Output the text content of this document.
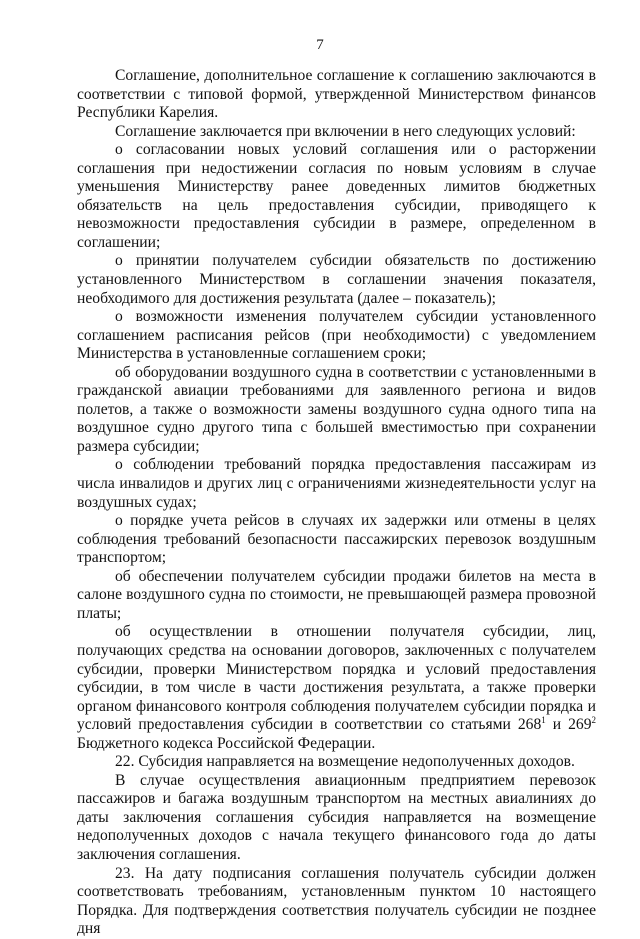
7

Соглашение, дополнительное соглашение к соглашению заключаются в соответствии с типовой формой, утвержденной Министерством финансов Республики Карелия.

Соглашение заключается при включении в него следующих условий:

о согласовании новых условий соглашения или о расторжении соглашения при недостижении согласия по новым условиям в случае уменьшения Министерству ранее доведенных лимитов бюджетных обязательств на цель предоставления субсидии, приводящего к невозможности предоставления субсидии в размере, определенном в соглашении;

о принятии получателем субсидии обязательств по достижению установленного Министерством в соглашении значения показателя, необходимого для достижения результата (далее – показатель);

о возможности изменения получателем субсидии установленного соглашением расписания рейсов (при необходимости) с уведомлением Министерства в установленные соглашением сроки;

об оборудовании воздушного судна в соответствии с установленными в гражданской авиации требованиями для заявленного региона и видов полетов, а также о возможности замены воздушного судна одного типа на воздушное судно другого типа с большей вместимостью при сохранении размера субсидии;

о соблюдении требований порядка предоставления пассажирам из числа инвалидов и других лиц с ограничениями жизнедеятельности услуг на воздушных судах;

о порядке учета рейсов в случаях их задержки или отмены в целях соблюдения требований безопасности пассажирских перевозок воздушным транспортом;

об обеспечении получателем субсидии продажи билетов на места в салоне воздушного судна по стоимости, не превышающей размера провозной платы;

об осуществлении в отношении получателя субсидии, лиц, получающих средства на основании договоров, заключенных с получателем субсидии, проверки Министерством порядка и условий предоставления субсидии, в том числе в части достижения результата, а также проверки органом финансового контроля соблюдения получателем субсидии порядка и условий предоставления субсидии в соответствии со статьями $268^1$ и $269^2$ Бюджетного кодекса Российской Федерации.

22. Субсидия направляется на возмещение недополученных доходов.

В случае осуществления авиационным предприятием перевозок пассажиров и багажа воздушным транспортом на местных авиалиниях до даты заключения соглашения субсидия направляется на возмещение недополученных доходов с начала текущего финансового года до даты заключения соглашения.

23. На дату подписания соглашения получатель субсидии должен соответствовать требованиям, установленным пунктом 10 настоящего Порядка. Для подтверждения соответствия получатель субсидии не позднее дня
